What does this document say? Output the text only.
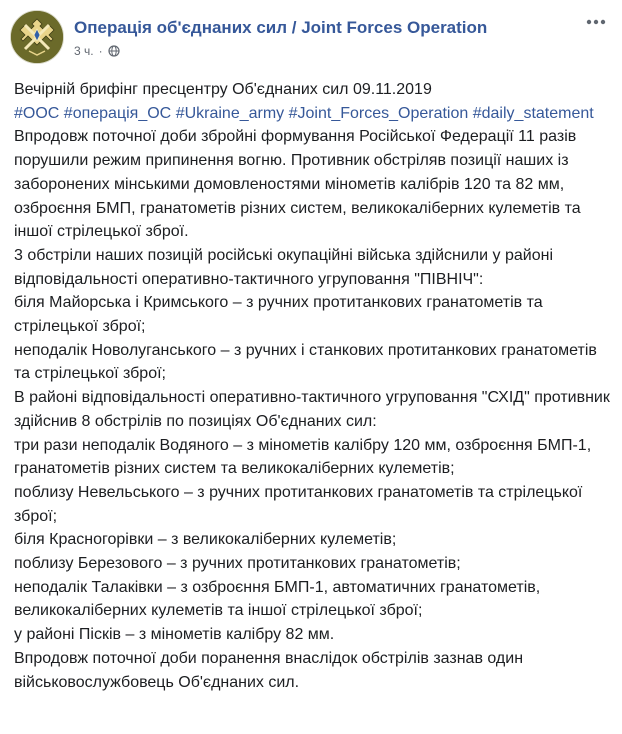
Операція об'єднаних сил / Joint Forces Operation
3 ч. ·

Вечірній брифінг пресцентру Об'єднаних сил 09.11.2019

#ООС #операція_ОС #Ukraine_army #Joint_Forces_Operation #daily_statement

Впродовж поточної доби збройні формування Російської Федерації 11 разів порушили режим припинення вогню. Противник обстріляв позиції наших із заборонених мінськими домовленостями мінометів калібрів 120 та 82 мм, озброєння БМП, гранатометів різних систем, великокаліберних кулеметів та іншої стрілецької зброї.

3 обстріли наших позицій російські окупаційні війська здійснили у районі відповідальності оперативно-тактичного угруповання "ПІВНІЧ":

біля Майорська і Кримського – з ручних протитанкових гранатометів та стрілецької зброї;

неподалік Новолуганського – з ручних і станкових протитанкових гранатометів та стрілецької зброї;

В районі відповідальності оперативно-тактичного угруповання "СХІД" противник здійснив 8 обстрілів по позиціях Об'єднаних сил:

три рази неподалік Водяного – з мінометів калібру 120 мм, озброєння БМП-1, гранатометів різних систем та великокаліберних кулеметів;

поблизу Невельського – з ручних протитанкових гранатометів та стрілецької зброї;

біля Красногорівки – з великокаліберних кулеметів;

поблизу Березового – з ручних протитанкових гранатометів;

неподалік Талаківки – з озброєння БМП-1, автоматичних гранатометів, великокаліберних кулеметів та іншої стрілецької зброї;

у районі Пісків – з мінометів калібру 82 мм.

Впродовж поточної доби поранення внаслідок обстрілів зазнав один військовослужбовець Об'єднаних сил.
